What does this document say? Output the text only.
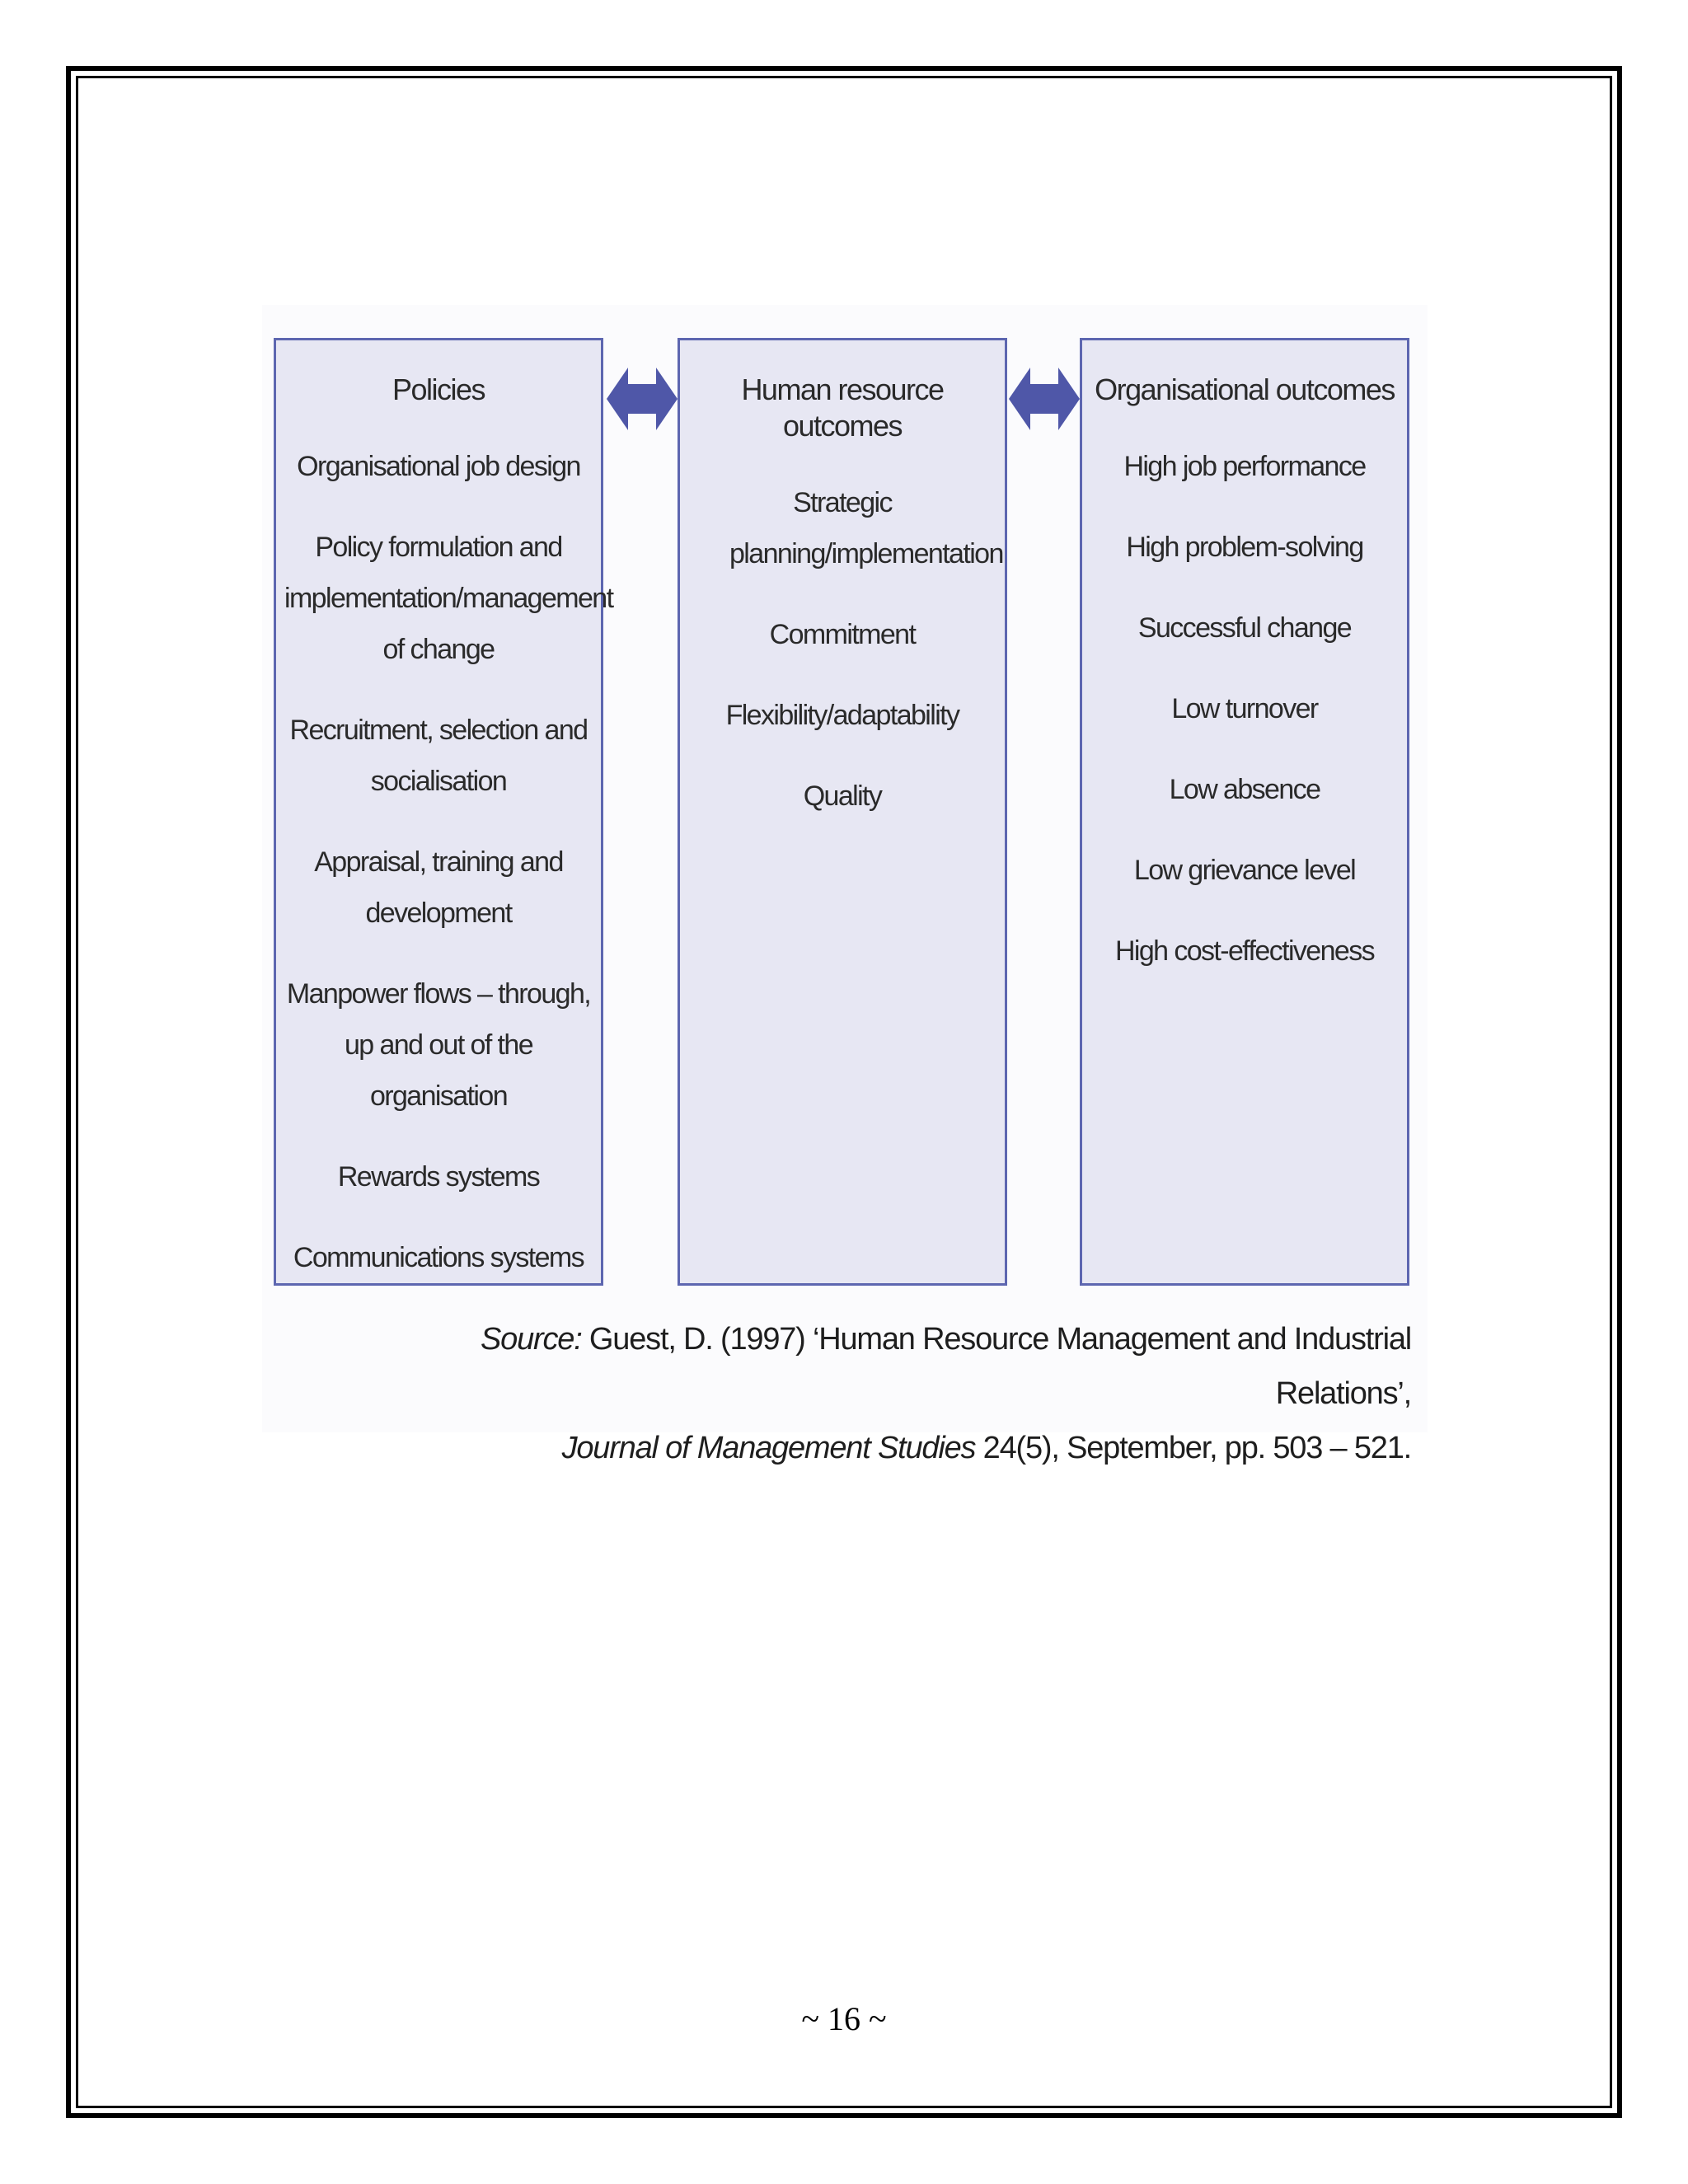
Policies
Organisational job design
Policy formulation and implementation/management of change
Recruitment, selection and socialisation
Appraisal, training and development
Manpower flows – through, up and out of the organisation
Rewards systems
Communications systems
Human resource outcomes
Strategic planning/implementation
Commitment
Flexibility/adaptability
Quality
Organisational outcomes
High job performance
High problem-solving
Successful change
Low turnover
Low absence
Low grievance level
High cost-effectiveness
Source: Guest, D. (1997) ‘Human Resource Management and Industrial Relations’,
Journal of Management Studies 24(5), September, pp. 503 – 521.
~ 16 ~
